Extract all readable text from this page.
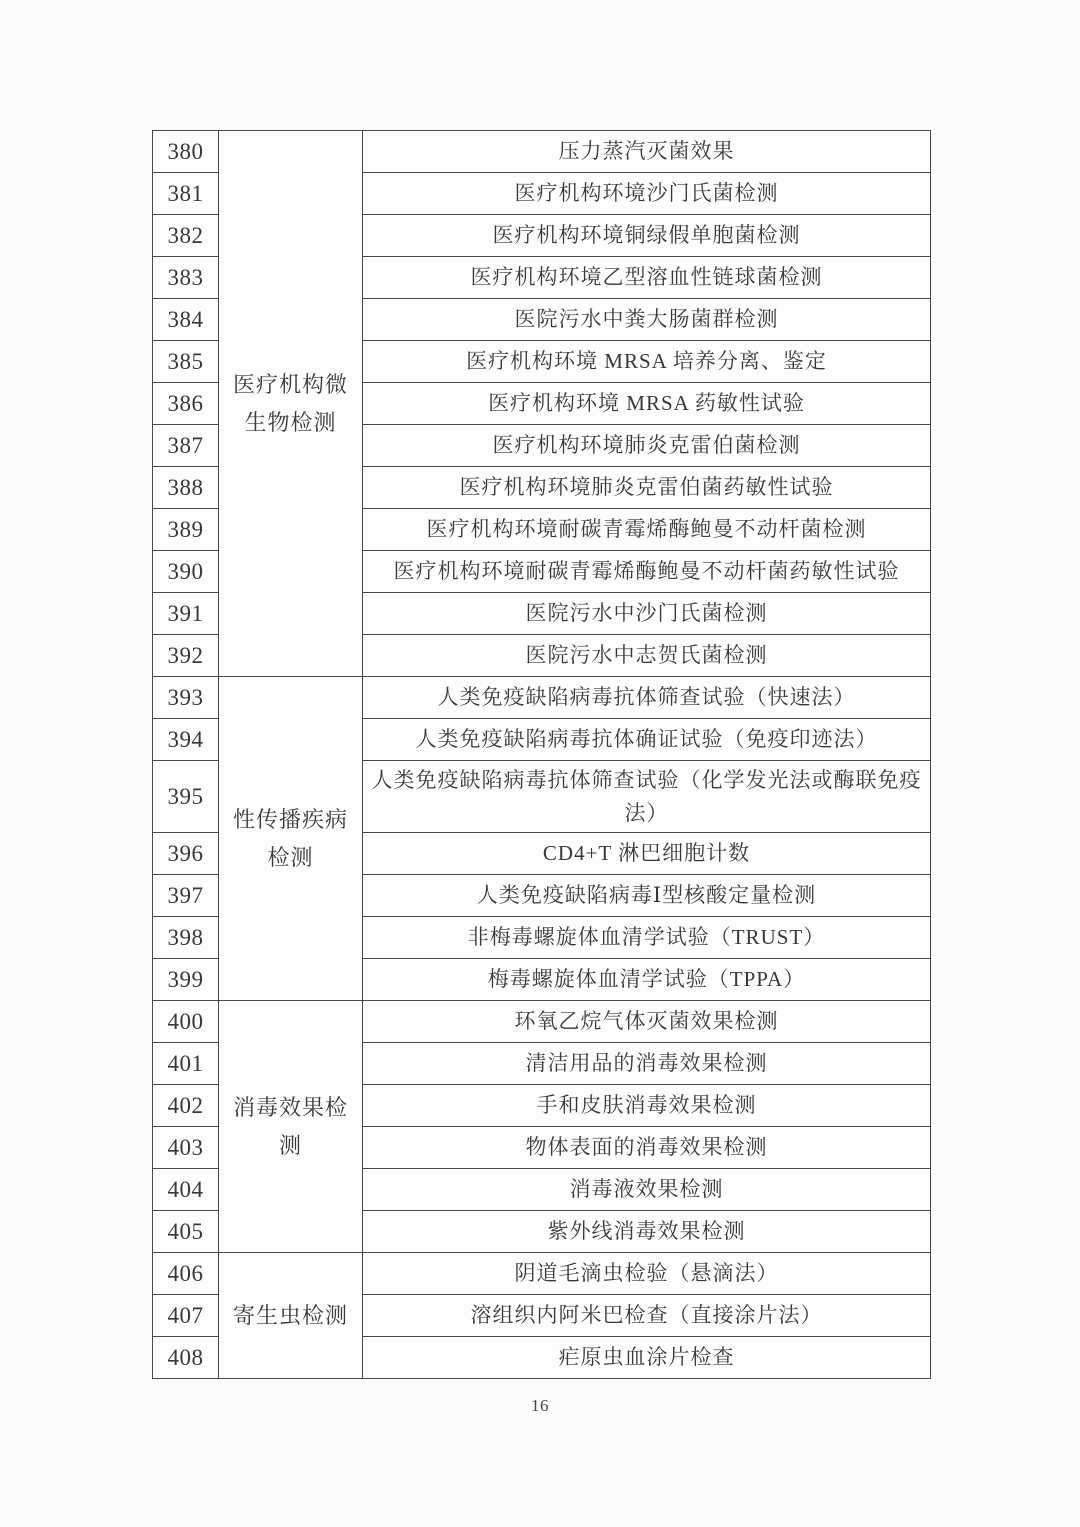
380	医疗机构微生物检测	压力蒸汽灭菌效果
381		医疗机构环境沙门氏菌检测
382		医疗机构环境铜绿假单胞菌检测
383		医疗机构环境乙型溶血性链球菌检测
384		医院污水中粪大肠菌群检测
385		医疗机构环境 MRSA 培养分离、鉴定
386		医疗机构环境 MRSA 药敏性试验
387		医疗机构环境肺炎克雷伯菌检测
388		医疗机构环境肺炎克雷伯菌药敏性试验
389		医疗机构环境耐碳青霉烯酶鲍曼不动杆菌检测
390		医疗机构环境耐碳青霉烯酶鲍曼不动杆菌药敏性试验
391		医院污水中沙门氏菌检测
392		医院污水中志贺氏菌检测
393	性传播疾病检测	人类免疫缺陷病毒抗体筛查试验（快速法）
394		人类免疫缺陷病毒抗体确证试验（免疫印迹法）
395		人类免疫缺陷病毒抗体筛查试验（化学发光法或酶联免疫法）
396		CD4+T 淋巴细胞计数
397		人类免疫缺陷病毒Ⅰ型核酸定量检测
398		非梅毒螺旋体血清学试验（TRUST）
399		梅毒螺旋体血清学试验（TPPA）
400	消毒效果检测	环氧乙烷气体灭菌效果检测
401		清洁用品的消毒效果检测
402		手和皮肤消毒效果检测
403		物体表面的消毒效果检测
404		消毒液效果检测
405		紫外线消毒效果检测
406	寄生虫检测	阴道毛滴虫检验（悬滴法）
407		溶组织内阿米巴检查（直接涂片法）
408		疟原虫血涂片检查
16
